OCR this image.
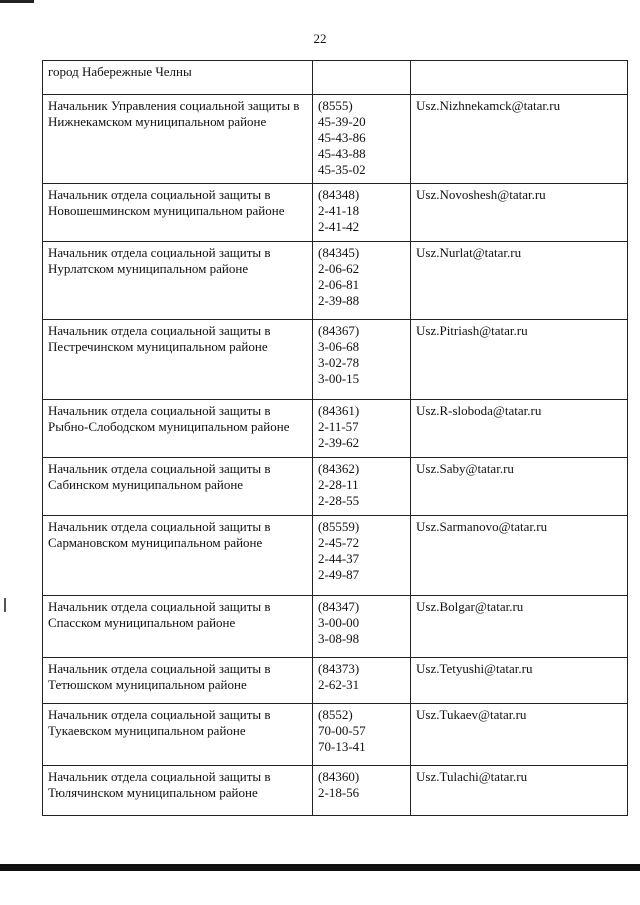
22
город Набережные Челны		
Начальник Управления социальной защиты в Нижнекамском муниципальном районе	(8555)
45-39-20
45-43-86
45-43-88
45-35-02	Usz.Nizhnekamck@tatar.ru
Начальник отдела социальной защиты в Новошешминском муниципальном районе	(84348)
2-41-18
2-41-42	Usz.Novoshesh@tatar.ru
Начальник отдела социальной защиты в Нурлатском муниципальном районе	(84345)
2-06-62
2-06-81
2-39-88	Usz.Nurlat@tatar.ru
Начальник отдела социальной защиты в Пестречинском муниципальном районе	(84367)
3-06-68
3-02-78
3-00-15	Usz.Pitriash@tatar.ru
Начальник отдела социальной защиты в Рыбно-Слободском муниципальном районе	(84361)
2-11-57
2-39-62	Usz.R-sloboda@tatar.ru
Начальник отдела социальной защиты в Сабинском муниципальном районе	(84362)
2-28-11
2-28-55	Usz.Saby@tatar.ru
Начальник отдела социальной защиты в Сармановском муниципальном районе	(85559)
2-45-72
2-44-37
2-49-87	Usz.Sarmanovo@tatar.ru
Начальник отдела социальной защиты в Спасском муниципальном районе	(84347)
3-00-00
3-08-98	Usz.Bolgar@tatar.ru
Начальник отдела социальной защиты в Тетюшском муниципальном районе	(84373)
2-62-31	Usz.Tetyushi@tatar.ru
Начальник отдела социальной защиты в Тукаевском муниципальном районе	(8552)
70-00-57
70-13-41	Usz.Tukaev@tatar.ru
Начальник отдела социальной защиты в Тюлячинском муниципальном районе	(84360)
2-18-56	Usz.Tulachi@tatar.ru
